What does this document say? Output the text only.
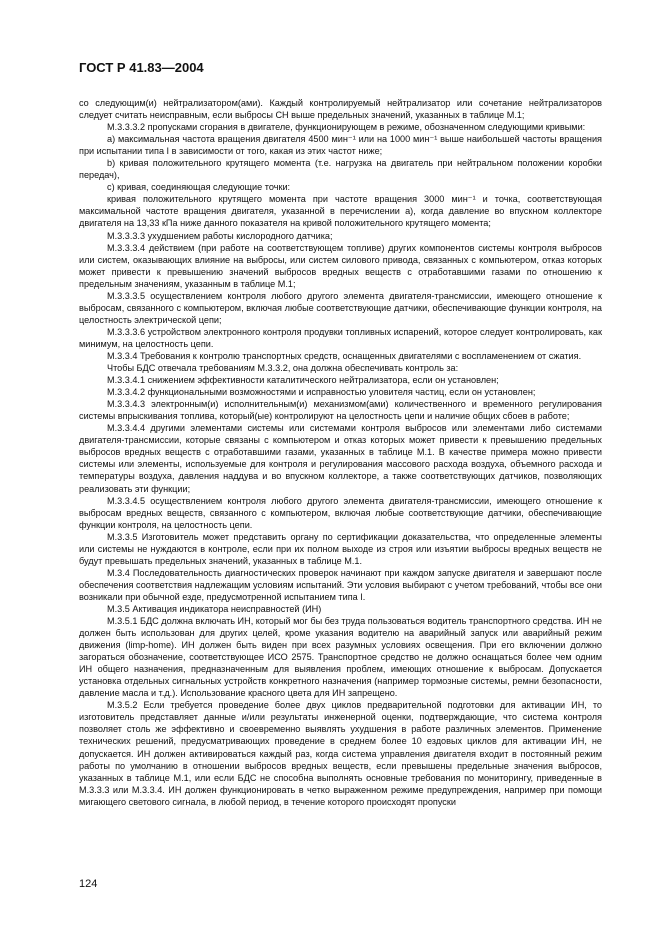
ГОСТ Р 41.83—2004

со следующим(и) нейтрализатором(ами). Каждый контролируемый нейтрализатор или сочетание нейтрализаторов следует считать неисправным, если выбросы СН выше предельных значений, указанных в таблице М.1;

М.3.3.3.2 пропусками сгорания в двигателе, функционирующем в режиме, обозначенном следующими кривыми:

а) максимальная частота вращения двигателя 4500 мин⁻¹ или на 1000 мин⁻¹ выше наибольшей частоты вращения при испытании типа I в зависимости от того, какая из этих частот ниже;

b) кривая положительного крутящего момента (т.е. нагрузка на двигатель при нейтральном положении коробки передач),

с) кривая, соединяющая следующие точки:

кривая положительного крутящего момента при частоте вращения 3000 мин⁻¹ и точка, соответствующая максимальной частоте вращения двигателя, указанной в перечислении а), когда давление во впускном коллекторе двигателя на 13,33 кПа ниже данного показателя на кривой положительного крутящего момента;

М.3.3.3.3 ухудшением работы кислородного датчика;

М.3.3.3.4 действием (при работе на соответствующем топливе) других компонентов системы контроля выбросов или систем, оказывающих влияние на выбросы, или систем силового привода, связанных с компьютером, отказ которых может привести к превышению значений выбросов вредных веществ с отработавшими газами по отношению к предельным значениям, указанным в таблице М.1;

М.3.3.3.5 осуществлением контроля любого другого элемента двигателя-трансмиссии, имеющего отношение к выбросам, связанного с компьютером, включая любые соответствующие датчики, обеспечивающие функции контроля, на целостность электрической цепи;

М.3.3.3.6 устройством электронного контроля продувки топливных испарений, которое следует контролировать, как минимум, на целостность цепи.

М.3.3.4 Требования к контролю транспортных средств, оснащенных двигателями с воспламенением от сжатия.

Чтобы БДС отвечала требованиям М.3.3.2, она должна обеспечивать контроль за:

М.3.3.4.1 снижением эффективности каталитического нейтрализатора, если он установлен;

М.3.3.4.2 функциональными возможностями и исправностью уловителя частиц, если он установлен;

М.3.3.4.3 электронным(и) исполнительным(и) механизмом(ами) количественного и временного регулирования системы впрыскивания топлива, который(ые) контролируют на целостность цепи и наличие общих сбоев в работе;

М.3.3.4.4 другими элементами системы или системами контроля выбросов или элементами либо системами двигателя-трансмиссии, которые связаны с компьютером и отказ которых может привести к превышению предельных выбросов вредных веществ с отработавшими газами, указанных в таблице М.1. В качестве примера можно привести системы или элементы, используемые для контроля и регулирования массового расхода воздуха, объемного расхода и температуры воздуха, давления наддува и во впускном коллекторе, а также соответствующих датчиков, позволяющих реализовать эти функции;

М.3.3.4.5 осуществлением контроля любого другого элемента двигателя-трансмиссии, имеющего отношение к выбросам вредных веществ, связанного с компьютером, включая любые соответствующие датчики, обеспечивающие функции контроля, на целостность цепи.

М.3.3.5 Изготовитель может представить органу по сертификации доказательства, что определенные элементы или системы не нуждаются в контроле, если при их полном выходе из строя или изъятии выбросы вредных веществ не будут превышать предельных значений, указанных в таблице М.1.

М.3.4 Последовательность диагностических проверок начинают при каждом запуске двигателя и завершают после обеспечения соответствия надлежащим условиям испытаний. Эти условия выбирают с учетом требований, чтобы все они возникали при обычной езде, предусмотренной испытанием типа I.

М.3.5 Активация индикатора неисправностей (ИН)

М.3.5.1 БДС должна включать ИН, который мог бы без труда пользоваться водитель транспортного средства. ИН не должен быть использован для других целей, кроме указания водителю на аварийный запуск или аварийный режим движения (limp-home). ИН должен быть виден при всех разумных условиях освещения. При его включении должно загораться обозначение, соответствующее ИСО 2575. Транспортное средство не должно оснащаться более чем одним ИН общего назначения, предназначенным для выявления проблем, имеющих отношение к выбросам. Допускается установка отдельных сигнальных устройств конкретного назначения (например тормозные системы, ремни безопасности, давление масла и т.д.). Использование красного цвета для ИН запрещено.

М.3.5.2 Если требуется проведение более двух циклов предварительной подготовки для активации ИН, то изготовитель представляет данные и/или результаты инженерной оценки, подтверждающие, что система контроля позволяет столь же эффективно и своевременно выявлять ухудшения в работе различных элементов. Применение технических решений, предусматривающих проведение в среднем более 10 ездовых циклов для активации ИН, не допускается. ИН должен активироваться каждый раз, когда система управления двигателя входит в постоянный режим работы по умолчанию в отношении выбросов вредных веществ, если превышены предельные значения выбросов, указанных в таблице М.1, или если БДС не способна выполнять основные требования по мониторингу, приведенные в М.3.3.3 или М.3.3.4. ИН должен функционировать в четко выраженном режиме предупреждения, например при помощи мигающего светового сигнала, в любой период, в течение которого происходят пропуски

124
